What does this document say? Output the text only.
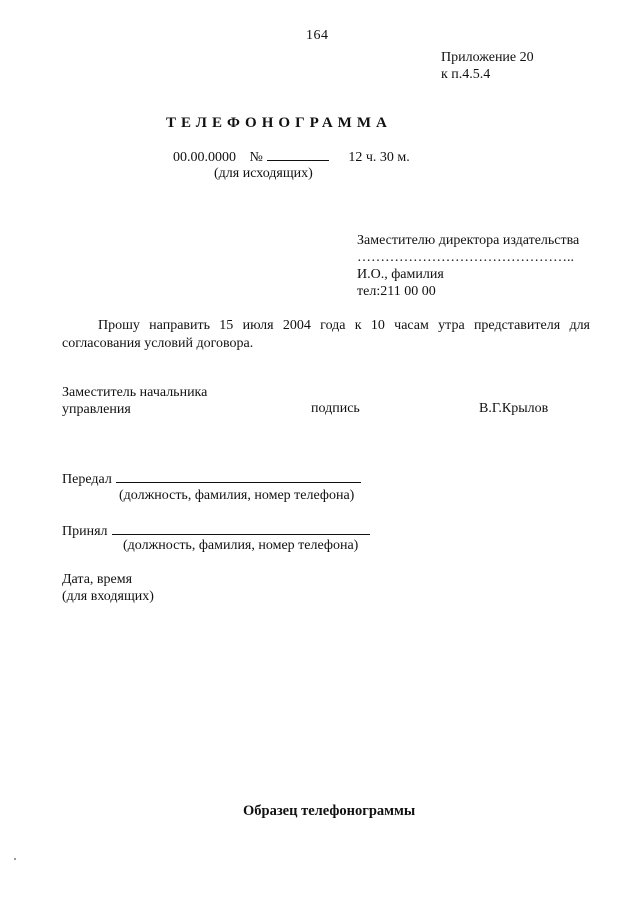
164
Приложение 20
к п.4.5.4
ТЕЛЕФОНОГРАММА
00.00.0000 №	12 ч. 30 м.
(для исходящих)
Заместителю директора издательства
………………………………………..
И.О., фамилия
тел:211 00 00
Прошу направить 15 июля 2004 года к 10 часам утра представителя для
согласования условий договора.
Заместитель начальника
управления	подпись	В.Г.Крылов
Передал
(должность, фамилия, номер телефона)
Принял
(должность, фамилия, номер телефона)
Дата, время
(для входящих)
Образец телефонограммы
